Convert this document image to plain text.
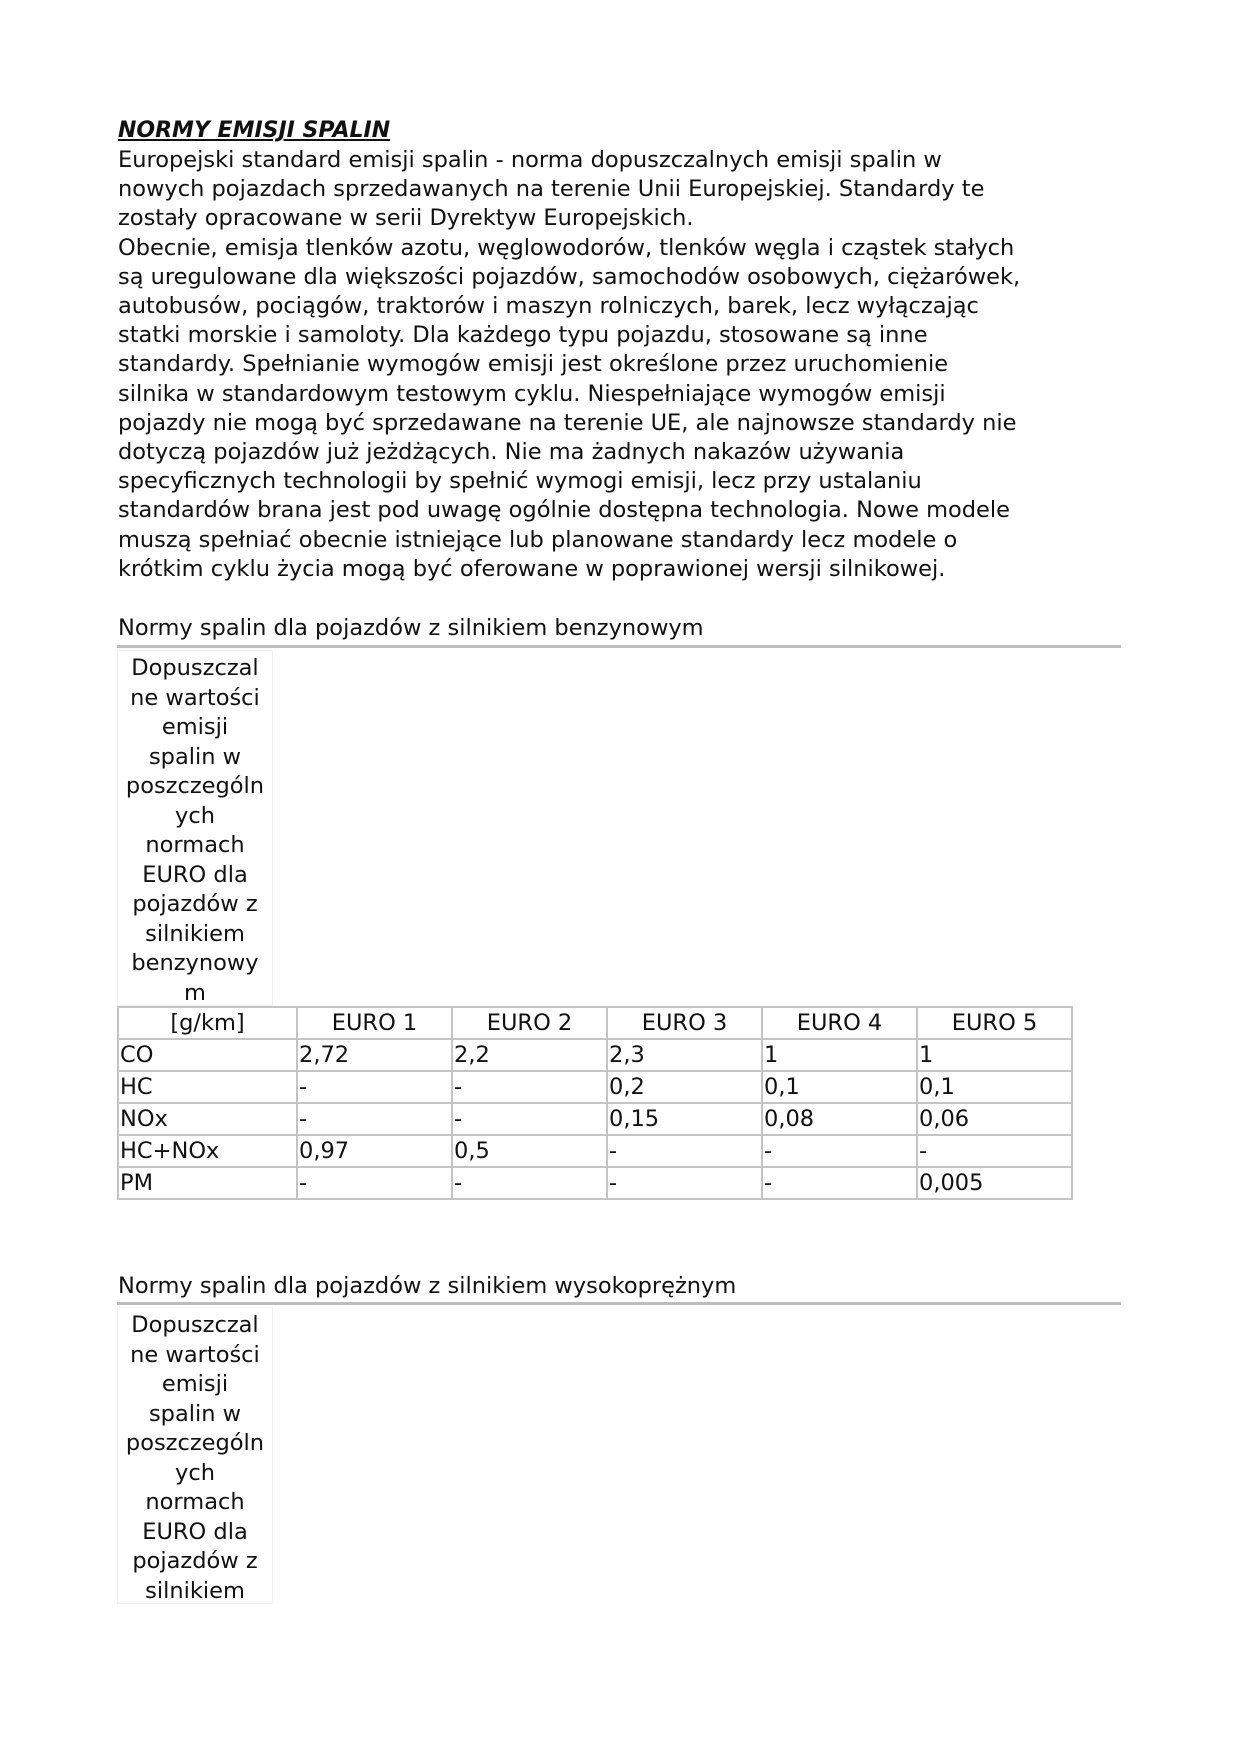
NORMY EMISJI SPALIN
Europejski standard emisji spalin - norma dopuszczalnych emisji spalin w
nowych pojazdach sprzedawanych na terenie Unii Europejskiej. Standardy te
zostały opracowane w serii Dyrektyw Europejskich.
Obecnie, emisja tlenków azotu, węglowodorów, tlenków węgla i cząstek stałych
są uregulowane dla większości pojazdów, samochodów osobowych, ciężarówek,
autobusów, pociągów, traktorów i maszyn rolniczych, barek, lecz wyłączając
statki morskie i samoloty. Dla każdego typu pojazdu, stosowane są inne
standardy. Spełnianie wymogów emisji jest określone przez uruchomienie
silnika w standardowym testowym cyklu. Niespełniające wymogów emisji
pojazdy nie mogą być sprzedawane na terenie UE, ale najnowsze standardy nie
dotyczą pojazdów już jeżdżących. Nie ma żadnych nakazów używania
specyficznych technologii by spełnić wymogi emisji, lecz przy ustalaniu
standardów brana jest pod uwagę ogólnie dostępna technologia. Nowe modele
muszą spełniać obecnie istniejące lub planowane standardy lecz modele o
krótkim cyklu życia mogą być oferowane w poprawionej wersji silnikowej.
Normy spalin dla pojazdów z silnikiem benzynowym
Dopuszczal
ne wartości
emisji
spalin w
poszczególn
ych
normach
EURO dla
pojazdów z
silnikiem
benzynowy
m
[g/km]	EURO 1	EURO 2	EURO 3	EURO 4	EURO 5
CO	2,72	2,2	2,3	1	1
HC	-	-	0,2	0,1	0,1
NOx	-	-	0,15	0,08	0,06
HC+NOx	0,97	0,5	-	-	-
PM	-	-	-	-	0,005
Normy spalin dla pojazdów z silnikiem wysokoprężnym
Dopuszczal
ne wartości
emisji
spalin w
poszczególn
ych
normach
EURO dla
pojazdów z
silnikiem
